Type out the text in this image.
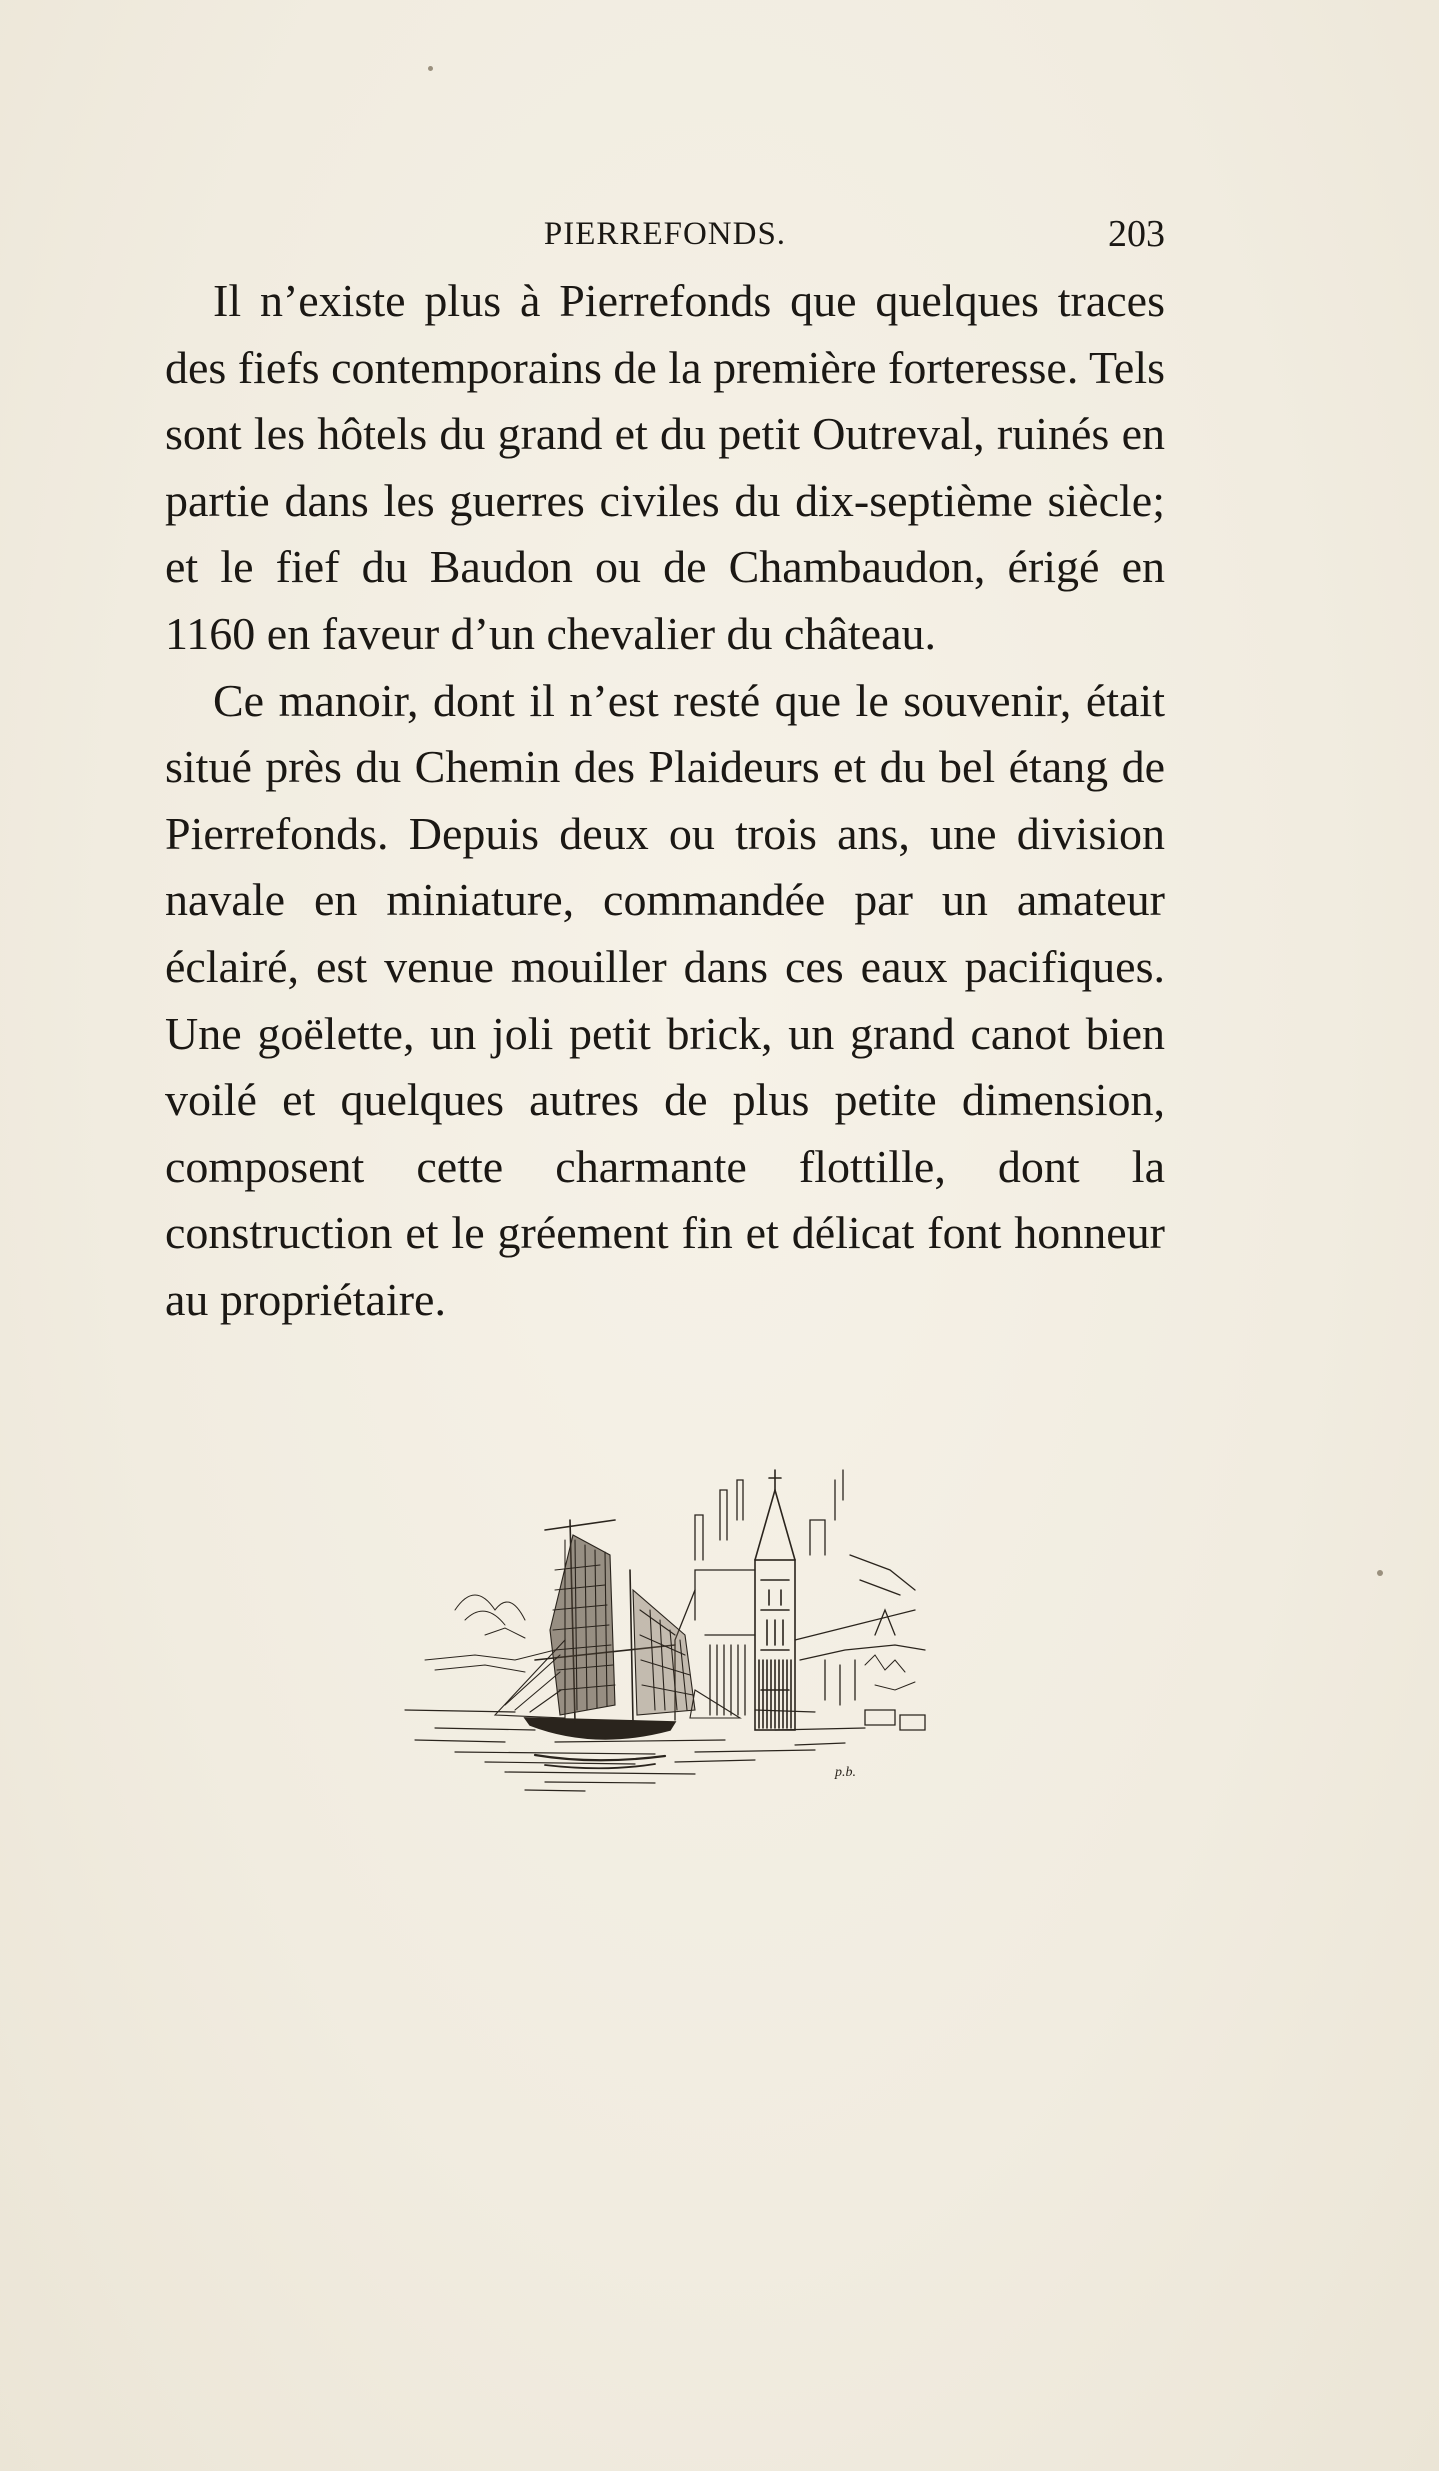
PIERREFONDS.	203

Il n’existe plus à Pierrefonds que quelques traces des fiefs contemporains de la première forteresse. Tels sont les hôtels du grand et du petit Outreval, ruinés en partie dans les guerres civiles du dix-septième siècle; et le fief du Baudon ou de Chambaudon, érigé en 1160 en faveur d’un chevalier du château.

Ce manoir, dont il n’est resté que le souvenir, était situé près du Chemin des Plaideurs et du bel étang de Pierrefonds. Depuis deux ou trois ans, une division navale en miniature, commandée par un amateur éclairé, est venue mouiller dans ces eaux pacifiques. Une goëlette, un joli petit brick, un grand canot bien voilé et quelques autres de plus petite dimension, composent cette charmante flottille, dont la construction et le gréement fin et délicat font honneur au propriétaire.

p.b.
